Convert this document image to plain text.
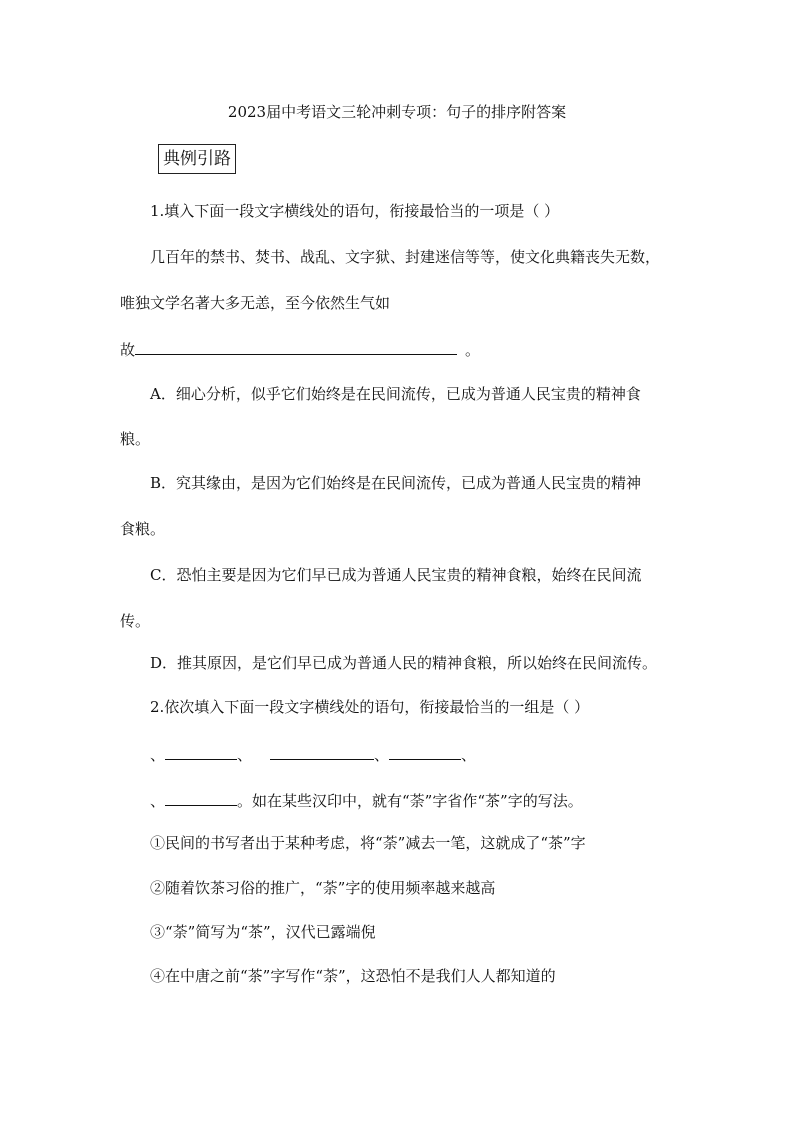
2023届中考语文三轮冲刺专项：句子的排序附答案
典例引路
1.填入下面一段文字横线处的语句，衔接最恰当的一项是（ ）
几百年的禁书、焚书、战乱、文字狱、封建迷信等等，使文化典籍丧失无数，
唯独文学名著大多无恙，至今依然生气如
故	。
A．细心分析，似乎它们始终是在民间流传，已成为普通人民宝贵的精神食
粮。
B．究其缘由，是因为它们始终是在民间流传，已成为普通人民宝贵的精神
食粮。
C．恐怕主要是因为它们早已成为普通人民宝贵的精神食粮，始终在民间流
传。
D．推其原因，是它们早已成为普通人民的精神食粮，所以始终在民间流传。
2.依次填入下面一段文字横线处的语句，衔接最恰当的一组是（ ）
、	、	、	、
、	。如在某些汉印中，就有“荼”字省作“茶”字的写法。
①民间的书写者出于某种考虑，将“荼”减去一笔，这就成了“茶”字
②随着饮茶习俗的推广，“荼”字的使用频率越来越高
③“荼”简写为“茶”，汉代已露端倪
④在中唐之前“茶”字写作“荼”，这恐怕不是我们人人都知道的
